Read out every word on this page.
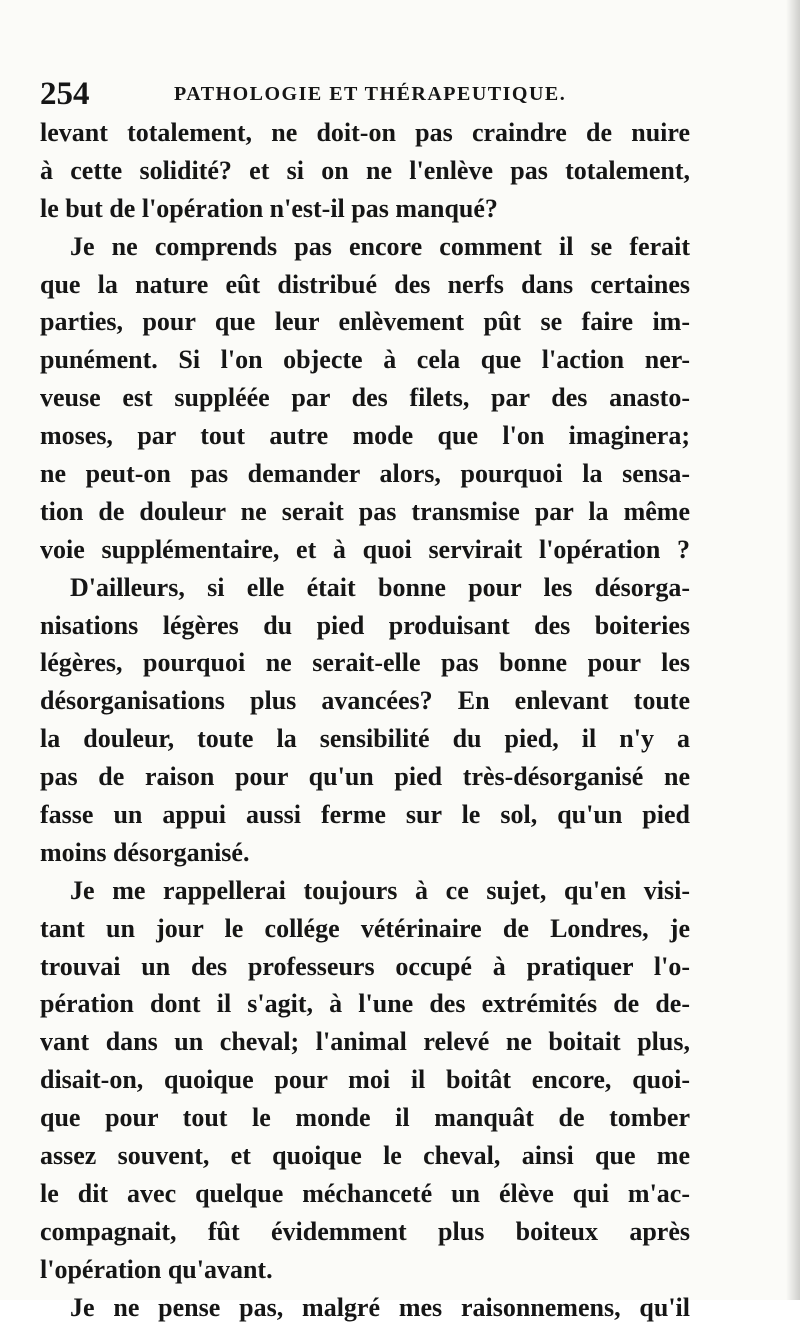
254	PATHOLOGIE ET THÉRAPEUTIQUE.
levant totalement, ne doit-on pas craindre de nuire
à cette solidité? et si on ne l'enlève pas totalement,
le but de l'opération n'est-il pas manqué?
Je ne comprends pas encore comment il se ferait
que la nature eût distribué des nerfs dans certaines
parties, pour que leur enlèvement pût se faire im-
punément. Si l'on objecte à cela que l'action ner-
veuse est suppléée par des filets, par des anasto-
moses, par tout autre mode que l'on imaginera;
ne peut-on pas demander alors, pourquoi la sensa-
tion de douleur ne serait pas transmise par la même
voie supplémentaire, et à quoi servirait l'opération ?
D'ailleurs, si elle était bonne pour les désorga-
nisations légères du pied produisant des boiteries
légères, pourquoi ne serait-elle pas bonne pour les
désorganisations plus avancées? En enlevant toute
la douleur, toute la sensibilité du pied, il n'y a
pas de raison pour qu'un pied très-désorganisé ne
fasse un appui aussi ferme sur le sol, qu'un pied
moins désorganisé.
Je me rappellerai toujours à ce sujet, qu'en visi-
tant un jour le collége vétérinaire de Londres, je
trouvai un des professeurs occupé à pratiquer l'o-
pération dont il s'agit, à l'une des extrémités de de-
vant dans un cheval; l'animal relevé ne boitait plus,
disait-on, quoique pour moi il boitât encore, quoi-
que pour tout le monde il manquât de tomber
assez souvent, et quoique le cheval, ainsi que me
le dit avec quelque méchanceté un élève qui m'ac-
compagnait, fût évidemment plus boiteux après
l'opération qu'avant.
Je ne pense pas, malgré mes raisonnemens, qu'il
